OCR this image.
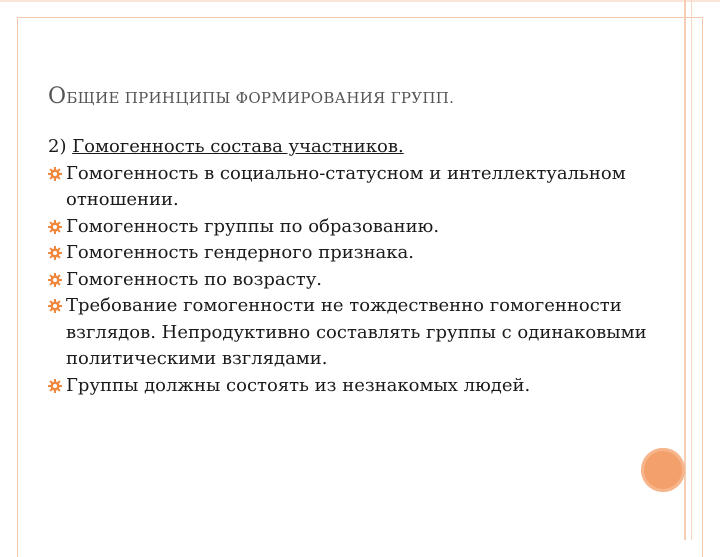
ОБЩИЕ ПРИНЦИПЫ ФОРМИРОВАНИЯ ГРУПП.

2) Гомогенность состава участников.

Гомогенность в социально-статусном и интеллектуальном отношении.
Гомогенность группы по образованию.
Гомогенность гендерного признака.
Гомогенность по возрасту.
Требование гомогенности не тождественно гомогенности взглядов. Непродуктивно составлять группы с одинаковыми политическими взглядами.
Группы должны состоять из незнакомых людей.
